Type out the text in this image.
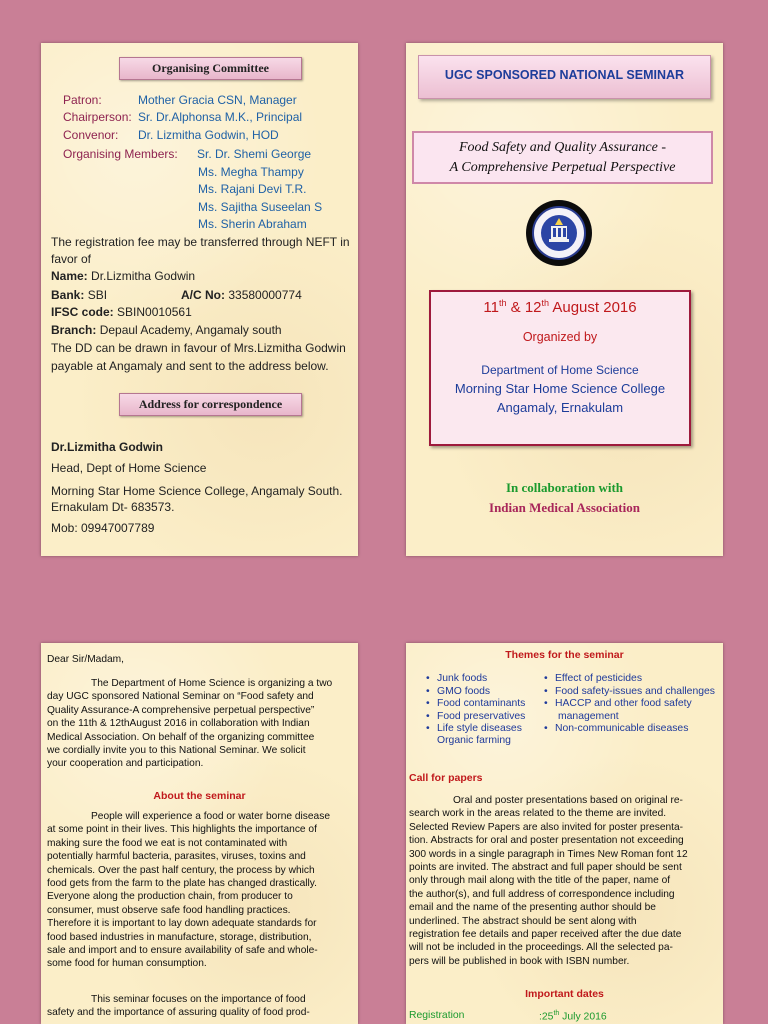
Organising Committee
Patron:	Mother Gracia CSN, Manager
Chairperson: Sr. Dr.Alphonsa M.K., Principal
Convenor: Dr. Lizmitha Godwin, HOD
Organising Members: Sr. Dr. Shemi George
Ms. Megha Thampy
Ms. Rajani Devi T.R.
Ms. Sajitha Suseelan S
Ms. Sherin Abraham
The registration fee may be transferred through NEFT in
favor of
Name: Dr.Lizmitha Godwin
Bank: SBI	A/C No: 33580000774
IFSC code: SBIN0010561
Branch: Depaul Academy, Angamaly south
The DD can be drawn in favour of Mrs.Lizmitha Godwin
payable at Angamaly and sent to the address below.
Address for correspondence
Dr.Lizmitha Godwin
Head, Dept of Home Science
Morning Star Home Science College, Angamaly South.
Ernakulam Dt- 683573.
Mob: 09947007789
UGC SPONSORED NATIONAL SEMINAR
Food Safety and Quality Assurance -
A Comprehensive Perpetual Perspective
11th & 12th August 2016
Organized by
Department of Home Science
Morning Star Home Science College
Angamaly, Ernakulam
In collaboration with
Indian Medical Association
Dear Sir/Madam,
The Department of Home Science is organizing a two
day UGC sponsored National Seminar on “Food safety and
Quality Assurance-A comprehensive perpetual perspective”
on the 11th & 12thAugust 2016 in collaboration with Indian
Medical Association. On behalf of the organizing committee
we cordially invite you to this National Seminar. We solicit
your cooperation and participation.
About the seminar
People will experience a food or water borne disease
at some point in their lives. This highlights the importance of
making sure the food we eat is not contaminated with
potentially harmful bacteria, parasites, viruses, toxins and
chemicals. Over the past half century, the process by which
food gets from the farm to the plate has changed drastically.
Everyone along the production chain, from producer to
consumer, must observe safe food handling practices.
Therefore it is important to lay down adequate standards for
food based industries in manufacture, storage, distribution,
sale and import and to ensure availability of safe and whole-
some food for human consumption.
This seminar focuses on the importance of food
safety and the importance of assuring quality of food prod-
Themes for the seminar
• Junk foods
• GMO foods
• Food contaminants
• Food preservatives
• Life style diseases
Organic farming
• Effect of pesticides
• Food safety-issues and challenges
• HACCP and other food safety
management
• Non-communicable diseases
Call for papers
Oral and poster presentations based on original re-
search work in the areas related to the theme are invited.
Selected Review Papers are also invited for poster presenta-
tion. Abstracts for oral and poster presentation not exceeding
300 words in a single paragraph in Times New Roman font 12
points are invited. The abstract and full paper should be sent
only through mail along with the title of the paper, name of
the author(s), and full address of correspondence including
email and the name of the presenting author should be
underlined. The abstract should be sent along with
registration fee details and paper received after the due date
will not be included in the proceedings. All the selected pa-
pers will be published in book with ISBN number.
Important dates
Registration	:25th July 2016
